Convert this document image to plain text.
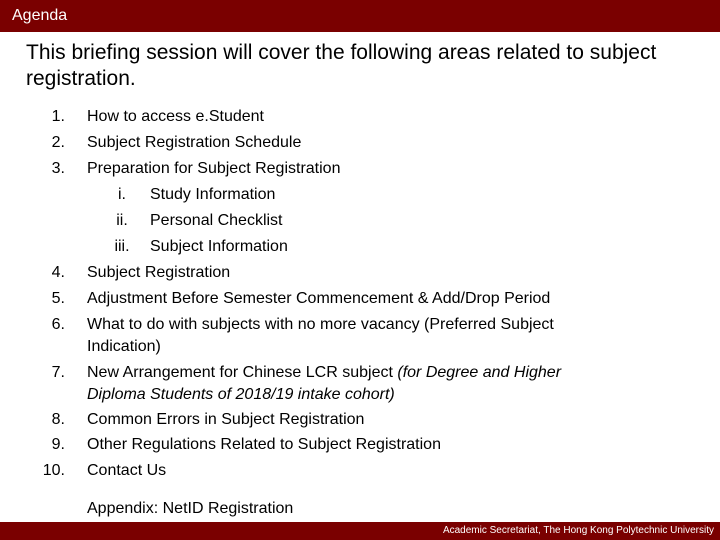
Agenda
This briefing session will cover the following areas related to subject registration.
1. How to access e.Student
2. Subject Registration Schedule
3. Preparation for Subject Registration
i.	Study Information
ii.	Personal Checklist
iii.	Subject Information
4. Subject Registration
5. Adjustment Before Semester Commencement & Add/Drop Period
6. What to do with subjects with no more vacancy (Preferred Subject
Indication)
7. New Arrangement for Chinese LCR subject (for Degree and Higher
Diploma Students of 2018/19 intake cohort)
8. Common Errors in Subject Registration
9. Other Regulations Related to Subject Registration
10. Contact Us
Appendix: NetID Registration
Academic Secretariat, The Hong Kong Polytechnic University
